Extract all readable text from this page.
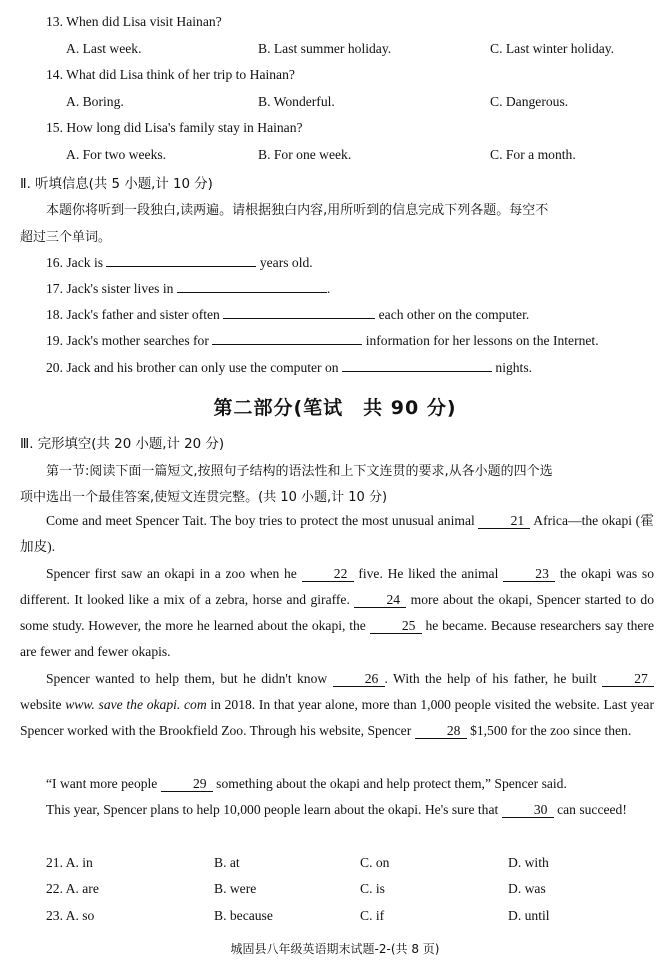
13. When did Lisa visit Hainan?
A. Last week.	B. Last summer holiday.	C. Last winter holiday.
14. What did Lisa think of her trip to Hainan?
A. Boring.	B. Wonderful.	C. Dangerous.
15. How long did Lisa's family stay in Hainan?
A. For two weeks.	B. For one week.	C. For a month.
Ⅱ. 听填信息(共 5 小题,计 10 分)
本题你将听到一段独白,读两遍。请根据独白内容,用所听到的信息完成下列各题。每空不
超过三个单词。
16. Jack is	years old.
17. Jack's sister lives in	.
18. Jack's father and sister often	each other on the computer.
19. Jack's mother searches for	information for her lessons on the Internet.
20. Jack and his brother can only use the computer on	nights.
第二部分(笔试　共 90 分)
Ⅲ. 完形填空(共 20 小题,计 20 分)
第一节:阅读下面一篇短文,按照句子结构的语法性和上下文连贯的要求,从各小题的四个选
项中选出一个最佳答案,使短文连贯完整。(共 10 小题,计 10 分)
Come and meet Spencer Tait. The boy tries to protect the most unusual animal	21 Africa—the okapi (霍加皮).
Spencer first saw an okapi in a zoo when he	22 five. He liked the animal	23 the okapi was so different. It looked like a mix of a zebra, horse and giraffe.	24 more about the okapi, Spencer started to do some study. However, the more he learned about the okapi, the	25 he became. Because researchers say there are fewer and fewer okapis.
Spencer wanted to help them, but he didn't know	26 . With the help of his father, he built	27 website www. save the okapi. com in 2018. In that year alone, more than 1,000 people visited the website. Last year Spencer worked with the Brookfield Zoo. Through his website, Spencer	28 $1,500 for the zoo since then.
“I want more people	29 something about the okapi and help protect them,” Spencer said.
This year, Spencer plans to help 10,000 people learn about the okapi. He's sure that	30 can succeed!
21. A. in	B. at	C. on	D. with
22. A. are	B. were	C. is	D. was
23. A. so	B. because	C. if	D. until
城固县八年级英语期末试题-2-(共 8 页)
